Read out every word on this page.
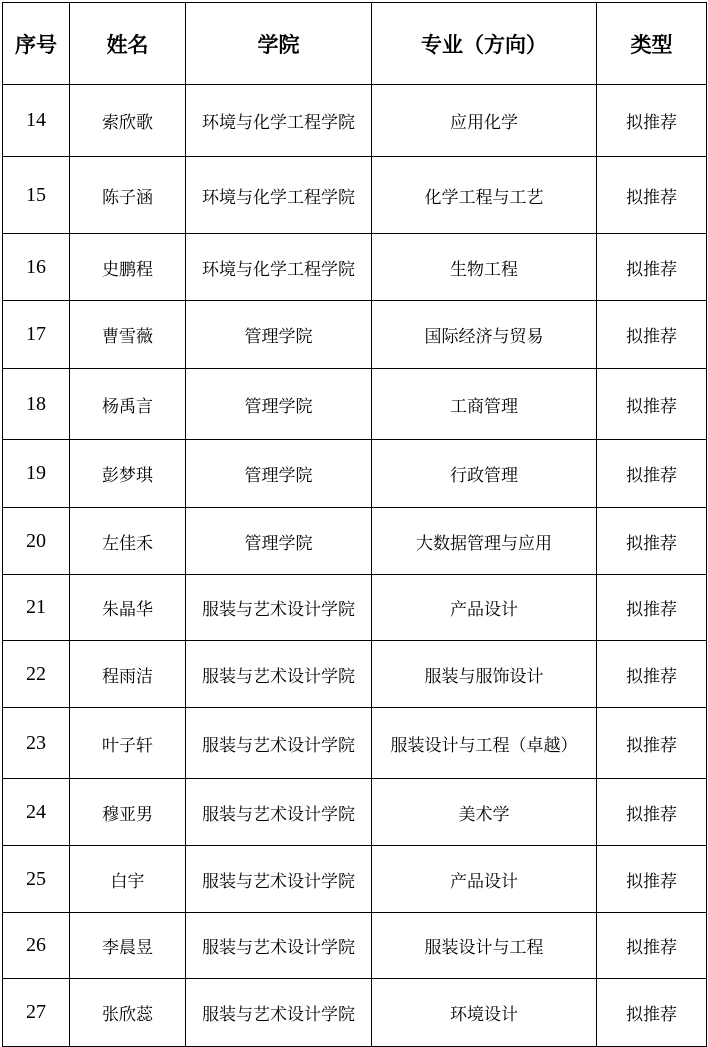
序号	姓名	学院	专业（方向）	类型
14	索欣歌	环境与化学工程学院	应用化学	拟推荐
15	陈子涵	环境与化学工程学院	化学工程与工艺	拟推荐
16	史鹏程	环境与化学工程学院	生物工程	拟推荐
17	曹雪薇	管理学院	国际经济与贸易	拟推荐
18	杨禹言	管理学院	工商管理	拟推荐
19	彭梦琪	管理学院	行政管理	拟推荐
20	左佳禾	管理学院	大数据管理与应用	拟推荐
21	朱晶华	服装与艺术设计学院	产品设计	拟推荐
22	程雨洁	服装与艺术设计学院	服装与服饰设计	拟推荐
23	叶子轩	服装与艺术设计学院	服装设计与工程（卓越）	拟推荐
24	穆亚男	服装与艺术设计学院	美术学	拟推荐
25	白宇	服装与艺术设计学院	产品设计	拟推荐
26	李晨昱	服装与艺术设计学院	服装设计与工程	拟推荐
27	张欣蕊	服装与艺术设计学院	环境设计	拟推荐
